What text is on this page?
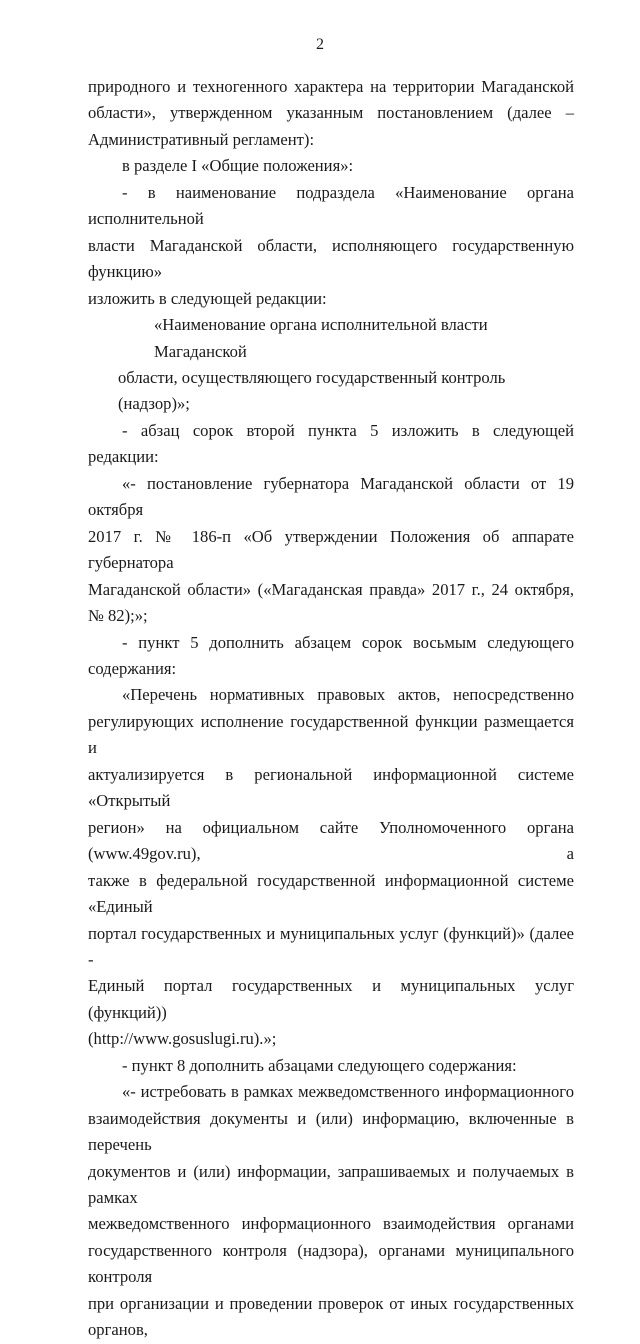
2

природного и техногенного характера на территории Магаданской

области», утвержденном указанным постановлением (далее –

Административный регламент):

в разделе I «Общие положения»:

- в наименование подраздела «Наименование органа исполнительной

власти Магаданской области, исполняющего государственную функцию»

изложить в следующей редакции:

«Наименование органа исполнительной власти Магаданской

области, осуществляющего государственный контроль (надзор)»;

- абзац сорок второй пункта 5 изложить в следующей редакции:

«- постановление губернатора Магаданской области от 19 октября

2017 г. № 186-п «Об утверждении Положения об аппарате губернатора

Магаданской области» («Магаданская правда» 2017 г., 24 октября, № 82);»;

- пункт 5 дополнить абзацем сорок восьмым следующего содержания:

«Перечень нормативных правовых актов, непосредственно

регулирующих исполнение государственной функции размещается и

актуализируется в региональной информационной системе «Открытый

регион» на официальном сайте Уполномоченного органа (www.49gov.ru), а

также в федеральной государственной информационной системе «Единый

портал государственных и муниципальных услуг (функций)» (далее -

Единый портал государственных и муниципальных услуг (функций))

(http://www.gosuslugi.ru).»;

- пункт 8 дополнить абзацами следующего содержания:

«- истребовать в рамках межведомственного информационного

взаимодействия документы и (или) информацию, включенные в перечень

документов и (или) информации, запрашиваемых и получаемых в рамках

межведомственного информационного взаимодействия органами

государственного контроля (надзора), органами муниципального контроля

при организации и проведении проверок от иных государственных органов,
